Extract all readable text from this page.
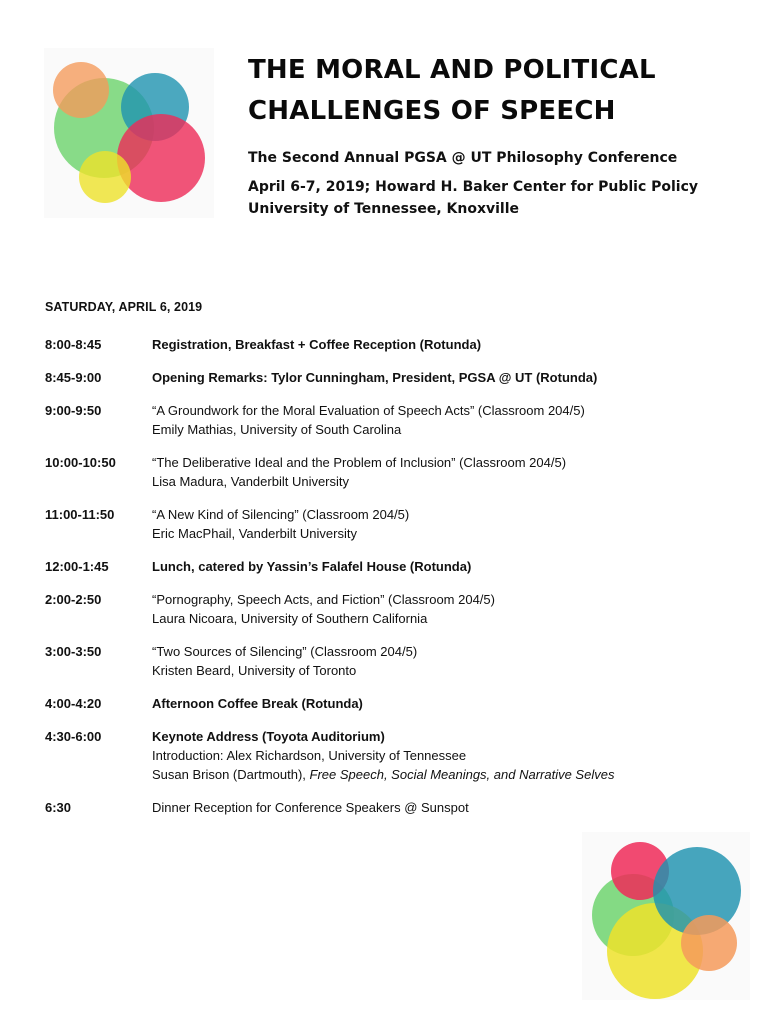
THE MORAL AND POLITICAL
CHALLENGES OF SPEECH

The Second Annual PGSA @ UT Philosophy Conference

April 6-7, 2019; Howard H. Baker Center for Public Policy
University of Tennessee, Knoxville

SATURDAY, APRIL 6, 2019
8:00-8:45	Registration, Breakfast + Coffee Reception (Rotunda)
8:45-9:00	Opening Remarks: Tylor Cunningham, President, PGSA @ UT (Rotunda)
9:00-9:50	“A Groundwork for the Moral Evaluation of Speech Acts” (Classroom 204/5)
Emily Mathias, University of South Carolina
10:00-10:50	“The Deliberative Ideal and the Problem of Inclusion” (Classroom 204/5)
Lisa Madura, Vanderbilt University
11:00-11:50	“A New Kind of Silencing” (Classroom 204/5)
Eric MacPhail, Vanderbilt University
12:00-1:45	Lunch, catered by Yassin’s Falafel House (Rotunda)
2:00-2:50	“Pornography, Speech Acts, and Fiction” (Classroom 204/5)
Laura Nicoara, University of Southern California
3:00-3:50	“Two Sources of Silencing” (Classroom 204/5)
Kristen Beard, University of Toronto
4:00-4:20	Afternoon Coffee Break (Rotunda)
4:30-6:00	Keynote Address (Toyota Auditorium)
Introduction: Alex Richardson, University of Tennessee
Susan Brison (Dartmouth), Free Speech, Social Meanings, and Narrative Selves
6:30	Dinner Reception for Conference Speakers @ Sunspot
